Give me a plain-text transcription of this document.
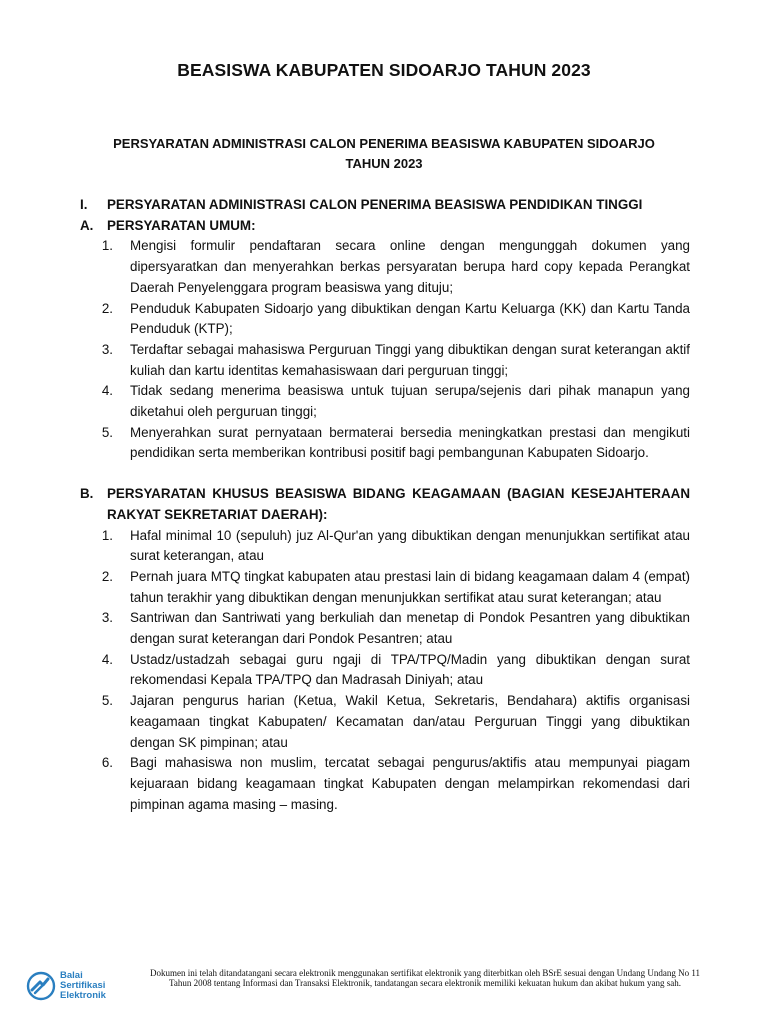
BEASISWA KABUPATEN SIDOARJO TAHUN 2023
PERSYARATAN ADMINISTRASI CALON PENERIMA BEASISWA KABUPATEN SIDOARJO
TAHUN 2023
I.	PERSYARATAN ADMINISTRASI CALON PENERIMA BEASISWA PENDIDIKAN TINGGI
A.	PERSYARATAN UMUM:
1.	Mengisi formulir pendaftaran secara online dengan mengunggah dokumen yang dipersyaratkan dan menyerahkan berkas persyaratan berupa hard copy kepada Perangkat Daerah Penyelenggara program beasiswa yang dituju;
2.	Penduduk Kabupaten Sidoarjo yang dibuktikan dengan Kartu Keluarga (KK) dan Kartu Tanda Penduduk (KTP);
3.	Terdaftar sebagai mahasiswa Perguruan Tinggi yang dibuktikan dengan surat keterangan aktif kuliah dan kartu identitas kemahasiswaan dari perguruan tinggi;
4.	Tidak sedang menerima beasiswa untuk tujuan serupa/sejenis dari pihak manapun yang diketahui oleh perguruan tinggi;
5.	Menyerahkan surat pernyataan bermaterai bersedia meningkatkan prestasi dan mengikuti pendidikan serta memberikan kontribusi positif bagi pembangunan Kabupaten Sidoarjo.
B.	PERSYARATAN KHUSUS BEASISWA BIDANG KEAGAMAAN (BAGIAN KESEJAHTERAAN RAKYAT SEKRETARIAT DAERAH):
1.	Hafal minimal 10 (sepuluh) juz Al-Qur'an yang dibuktikan dengan menunjukkan sertifikat atau surat keterangan, atau
2.	Pernah juara MTQ tingkat kabupaten atau prestasi lain di bidang keagamaan dalam 4 (empat) tahun terakhir yang dibuktikan dengan menunjukkan sertifikat atau surat keterangan; atau
3.	Santriwan dan Santriwati yang berkuliah dan menetap di Pondok Pesantren yang dibuktikan dengan surat keterangan dari Pondok Pesantren; atau
4.	Ustadz/ustadzah sebagai guru ngaji di TPA/TPQ/Madin yang dibuktikan dengan surat rekomendasi Kepala TPA/TPQ dan Madrasah Diniyah; atau
5.	Jajaran pengurus harian (Ketua, Wakil Ketua, Sekretaris, Bendahara) aktifis organisasi keagamaan tingkat Kabupaten/ Kecamatan dan/atau Perguruan Tinggi yang dibuktikan dengan SK pimpinan; atau
6.	Bagi mahasiswa non muslim, tercatat sebagai pengurus/aktifis atau mempunyai piagam kejuaraan bidang keagamaan tingkat Kabupaten dengan melampirkan rekomendasi dari pimpinan agama masing – masing.
Balai
Sertifikasi
Elektronik
Dokumen ini telah ditandatangani secara elektronik menggunakan sertifikat elektronik yang diterbitkan oleh BSrE sesuai dengan Undang Undang No 11 Tahun 2008 tentang Informasi dan Transaksi Elektronik, tandatangan secara elektronik memiliki kekuatan hukum dan akibat hukum yang sah.
